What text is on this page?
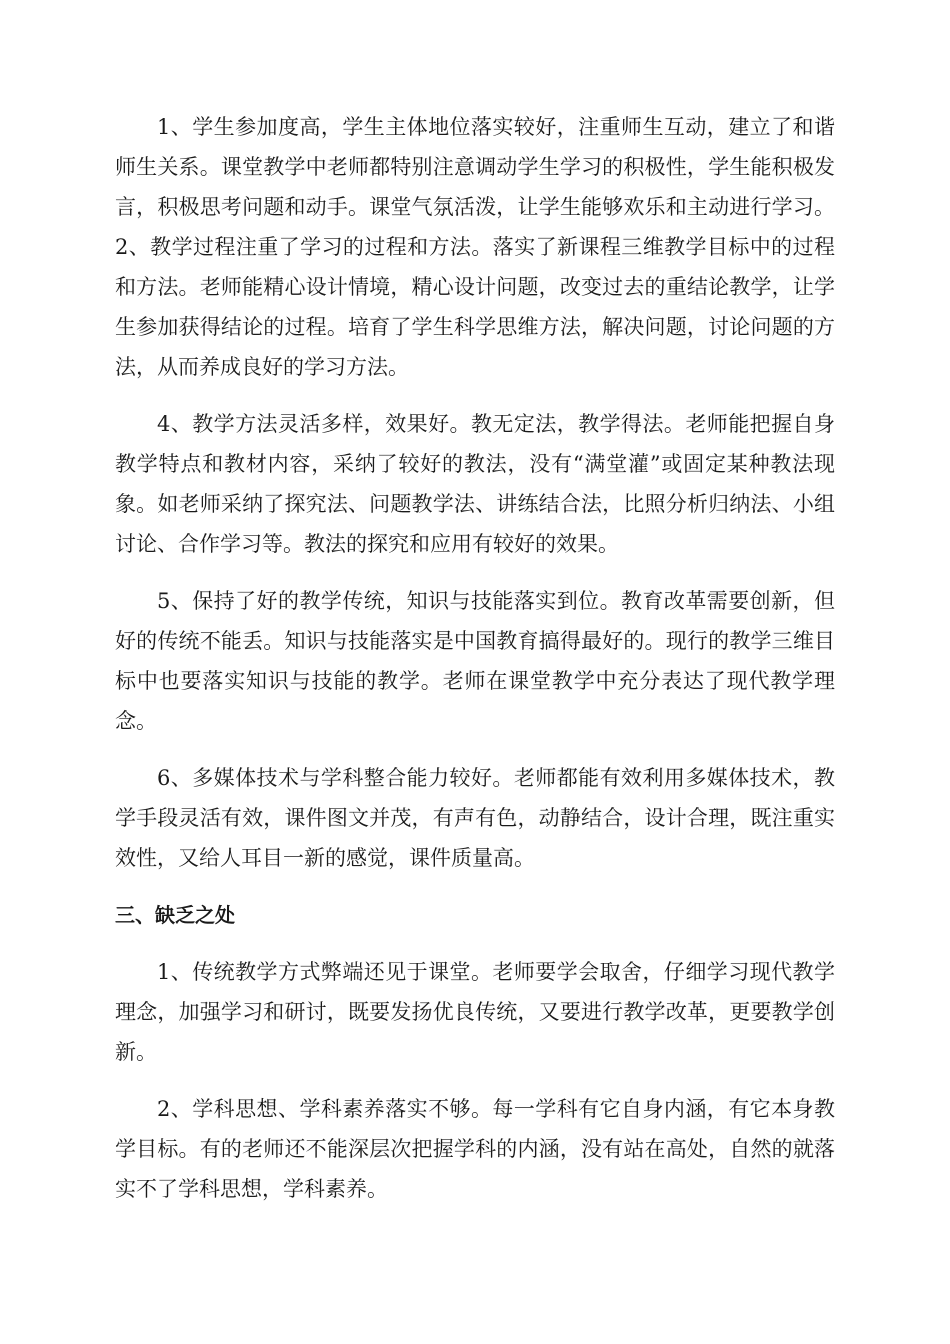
1、学生参加度高，学生主体地位落实较好，注重师生互动，建立了和谐师生关系。课堂教学中老师都特别注意调动学生学习的积极性，学生能积极发言，积极思考问题和动手。课堂气氛活泼，让学生能够欢乐和主动进行学习。2、教学过程注重了学习的过程和方法。落实了新课程三维教学目标中的过程和方法。老师能精心设计情境，精心设计问题，改变过去的重结论教学，让学生参加获得结论的过程。培育了学生科学思维方法，解决问题，讨论问题的方法，从而养成良好的学习方法。

4、教学方法灵活多样，效果好。教无定法，教学得法。老师能把握自身教学特点和教材内容，采纳了较好的教法，没有“满堂灌”或固定某种教法现象。如老师采纳了探究法、问题教学法、讲练结合法，比照分析归纳法、小组讨论、合作学习等。教法的探究和应用有较好的效果。

5、保持了好的教学传统，知识与技能落实到位。教育改革需要创新，但好的传统不能丢。知识与技能落实是中国教育搞得最好的。现行的教学三维目标中也要落实知识与技能的教学。老师在课堂教学中充分表达了现代教学理念。

6、多媒体技术与学科整合能力较好。老师都能有效利用多媒体技术，教学手段灵活有效，课件图文并茂，有声有色，动静结合，设计合理，既注重实效性，又给人耳目一新的感觉，课件质量高。

三、缺乏之处

1、传统教学方式弊端还见于课堂。老师要学会取舍，仔细学习现代教学理念，加强学习和研讨，既要发扬优良传统，又要进行教学改革，更要教学创新。

2、学科思想、学科素养落实不够。每一学科有它自身内涵，有它本身教学目标。有的老师还不能深层次把握学科的内涵，没有站在高处，自然的就落实不了学科思想，学科素养。
